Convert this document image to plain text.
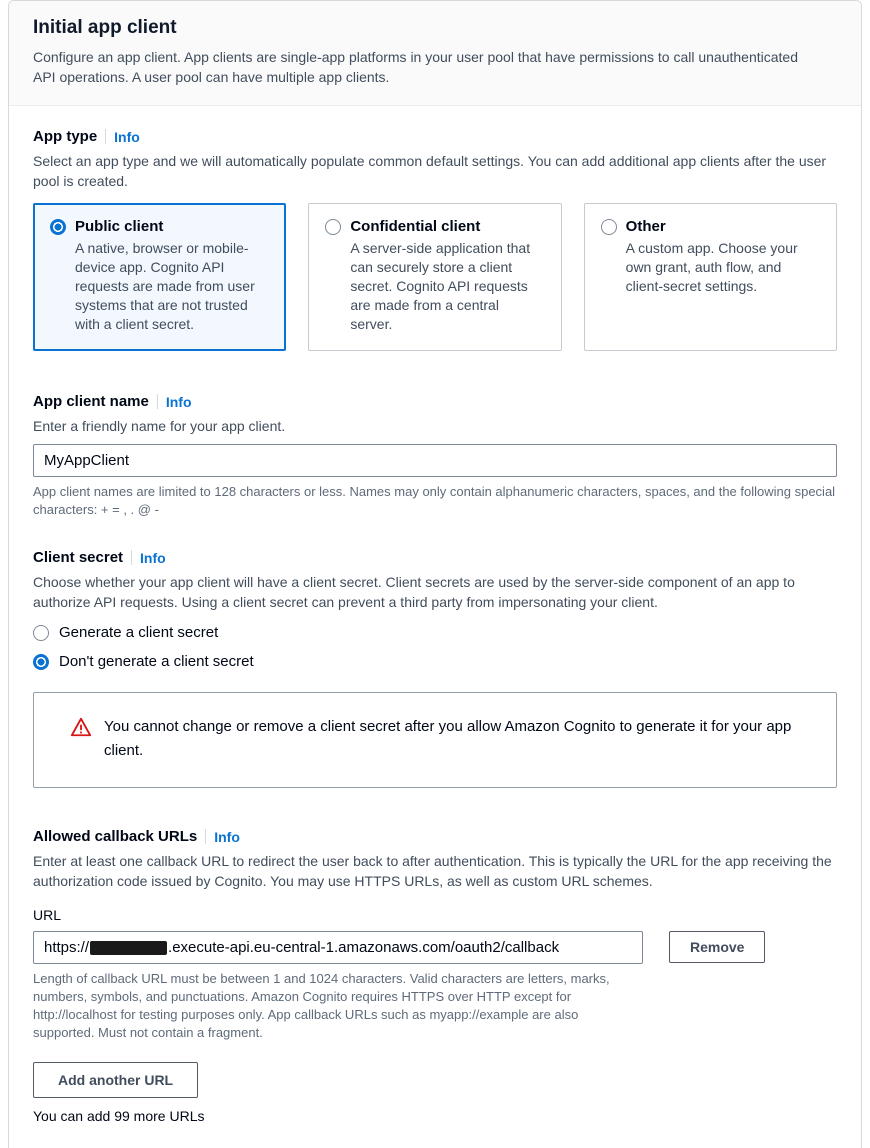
Initial app client
Configure an app client. App clients are single-app platforms in your user pool that have permissions to call unauthenticated API operations. A user pool can have multiple app clients.
App type Info
Select an app type and we will automatically populate common default settings. You can add additional app clients after the user pool is created.
Public client
A native, browser or mobile-device app. Cognito API requests are made from user systems that are not trusted with a client secret.
Confidential client
A server-side application that can securely store a client secret. Cognito API requests are made from a central server.
Other
A custom app. Choose your own grant, auth flow, and client-secret settings.
App client name Info
Enter a friendly name for your app client.
MyAppClient
App client names are limited to 128 characters or less. Names may only contain alphanumeric characters, spaces, and the following special characters: + = , . @ -
Client secret Info
Choose whether your app client will have a client secret. Client secrets are used by the server-side component of an app to authorize API requests. Using a client secret can prevent a third party from impersonating your client.
Generate a client secret
Don't generate a client secret
You cannot change or remove a client secret after you allow Amazon Cognito to generate it for your app client.
Allowed callback URLs Info
Enter at least one callback URL to redirect the user back to after authentication. This is typically the URL for the app receiving the authorization code issued by Cognito. You may use HTTPS URLs, as well as custom URL schemes.
URL
https://	.execute-api.eu-central-1.amazonaws.com/oauth2/callback
Length of callback URL must be between 1 and 1024 characters. Valid characters are letters, marks, numbers, symbols, and punctuations. Amazon Cognito requires HTTPS over HTTP except for http://localhost for testing purposes only. App callback URLs such as myapp://example are also supported. Must not contain a fragment.
Remove
Add another URL
You can add 99 more URLs
